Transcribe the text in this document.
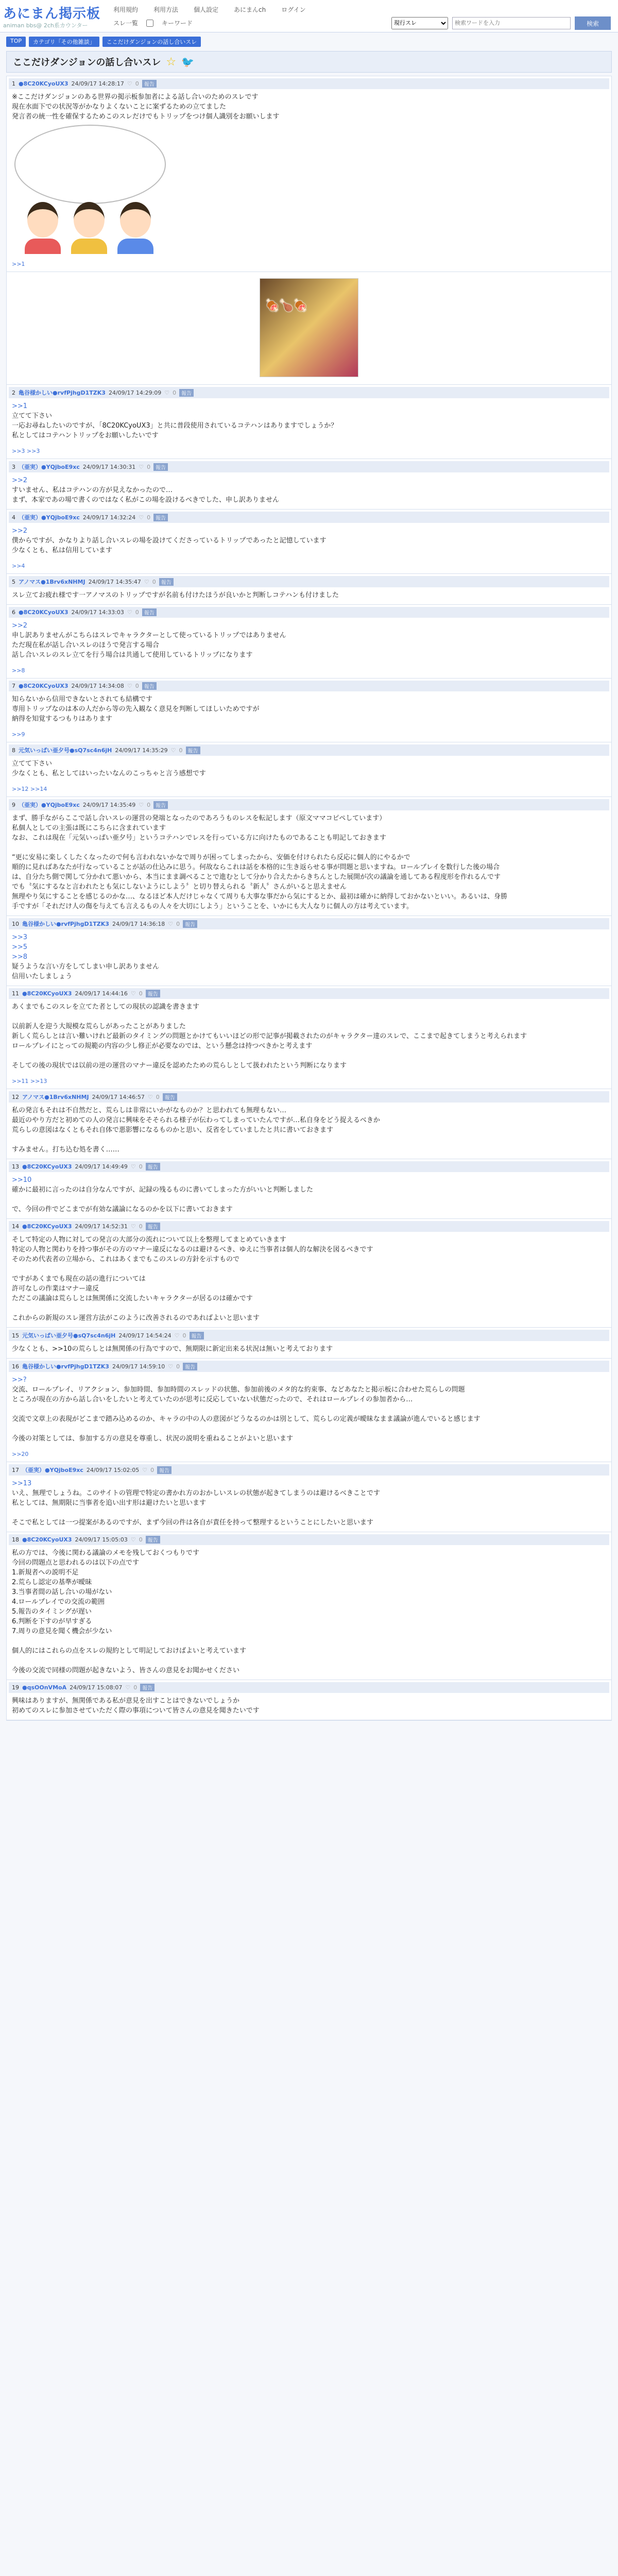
あにまん掲示板
animan bbs@ 2ch系カウンター
利用規約	利用方法	個人設定	あにまんch	ログイン
スレ一覧	キーワード
現行スレ
検索ワードを入力	検索
TOP	カテゴリ「その他雑談」	ここだけダンジョンの話し合いスレ
ここだけダンジョンの話し合いスレ ☆ 🐦
1 ●8C20KCyoUX3 24/09/17 14:28:17 ♡ 0	報告

※ここだけダンジョンのある世界の掲示板参加者による話し合いのためのスレです

現在水面下での状況等がかなりよくないことに案ずるための立てました

発言者の統一性を確保するためこのスレだけでもトリップをつけ個人識別をお願いします

>>1
🍖🍗🍖
2 亀谷様かしい●rvfPjhgD1TZK3 24/09/17 14:29:09 ♡ 0	報告

>>1

立てて下さい

一応お尋ねしたいのですが、「8C20KCyoUX3」と共に普段使用されているコテハンはありますでしょうか？

私としてはコテハントリップをお願いしたいです

>>3 >>3
3 （亜実）●YQjboE9xc 24/09/17 14:30:31 ♡ 0	報告

>>2

すいません、私はコテハンの方が見えなかったので…

まず、本家であの場で書くのではなく私がこの場を設けるべきでした、申し訳ありません

4 （亜実）●YQjboE9xc 24/09/17 14:32:24 ♡ 0	報告

>>2

僕からですが、かなりより話し合いスレの場を設けてくださっているトリップであったと記憶しています

少なくとも、私は信用しています

>>4
5 アノマス●1Brv6xNHMJ 24/09/17 14:35:47 ♡ 0	報告

スレ立てお疲れ様です一アノマスのトリップですが名前も付けたほうが良いかと判断しコテハンも付けました

6 ●8C20KCyoUX3 24/09/17 14:33:03 ♡ 0	報告

>>2

申し訳ありませんがこちらはスレでキャラクターとして使っているトリップではありません

ただ現在私が話し合いスレのほうで発言する場合

話し合いスレのスレ立てを行う場合は共通して使用しているトリップになります

>>8
7 ●8C20KCyoUX3 24/09/17 14:34:08 ♡ 0	報告

知らないから信用できないとされても結構です

専用トリップなのは本の人だから等の先入観なく意見を判断してほしいためですが

納得を知覚するつもりはあります

>>9
8 元気いっぱい亜夕号●sQ7sc4n6jH 24/09/17 14:35:29 ♡ 0	報告

立てて下さい

少なくとも、私としてはいったいなんのこっちゃと言う感想です

>>12 >>14
9 （亜実）●YQjboE9xc 24/09/17 14:35:49 ♡ 0	報告

まず、勝手ながらここで話し合いスレの運営の発端となったのであろうものレスを転記します（原文ママコピペしています）

私個人としての主張は既にこちらに含まれています

なお、これは現在「元気いっぱい亜夕号」というコテハンでレスを行っている方に向けたものであることも明記しておきます

“更に安易に楽しくしたくなったので何も言われないかなで周りが困ってしまったから、安価を付けられたら反応に個人的にやるかで

順的に見ればあなたが行なっていることが話の仕込みに思う。何故ならこれは話を本格的に生き返らせる事が問題と思いますね。ロールプレイを数行した後の場合

は、自分たち側で関して分かれて悪いから、本当にまま調べることで進むとして分かり合えたからきちんとした展開が次の議論を通してある程度形を作れるんです

でも〝気にするなと言われたとも気にしないようにしよう〞と切り替えられる〝新人〞さんがいると思えません

無理やり気にすることを感じるのかな…、なるほど本人だけじゃなくて周りも大事な事だから気にするとか、最初は確かに納得しておかないといい。あるいは、身勝

手ですが「それだけ人の傷を与えても言えるもの人々を大切にしよう」ということを、いかにも大人なりに個人の方は考えています。

10 亀谷様かしい●rvfPjhgD1TZK3 24/09/17 14:36:18 ♡ 0	報告

>>3

>>5

>>8

疑うような言い方をしてしまい申し訳ありません

信用いたしましょう

11 ●8C20KCyoUX3 24/09/17 14:44:16 ♡ 0	報告

あくまでもこのスレを立てた者としての現状の認識を書きます

以前新人を迎う大規模な荒らしがあったことがありました

新しく荒らしとは言い難いけれど最新のタイミングの問題とかけてもいいほどの形で記事が掲載されたのがキャラクター達のスレで、ここまで起きてしまうと考えられます

ロールプレイにとっての規範の内容の少し修正が必要なのでは、という懸念は持つべきかと考えます

そしての後の現状では以前の逆の運営のマナー違反を認めたための荒らしとして扱われたという判断になります

>>11 >>13
12 アノマス●1Brv6xNHMJ 24/09/17 14:46:57 ♡ 0	報告

私の発言もそれは不自然だと、荒らしは非常にいかがなものか？と思われても無理もない…

最近のやり方だと初めての人の発言に興味をそそられる様子が伝わってしまっていたんですが…私自身をどう捉えるべきか

荒らしの意図はなくともそれ自体で悪影響になるものかと思い、反省をしていましたと共に書いておきます

すみません。打ち込む処を書く……

13 ●8C20KCyoUX3 24/09/17 14:49:49 ♡ 0	報告

>>10

確かに最初に言ったのは自分なんですが、記録の残るものに書いてしまった方がいいと判断しました

で、今回の件でどこまでが有効な議論になるのかを以下に書いておきます

14 ●8C20KCyoUX3 24/09/17 14:52:31 ♡ 0	報告

そして特定の人物に対しての発言の大部分の流れについて以上を整理してまとめていきます

特定の人物と関わりを持つ事がその方のマナー違反になるのは避けるべき、ゆえに当事者は個人的な解決を図るべきです

そのため代表者の立場から、これはあくまでもこのスレの方針を示すもので

ですがあくまでも現在の話の進行については

許可なしの作業はマナー違反

ただこの議論は荒らしとは無関係に交流したいキャラクターが居るのは確かです

これからの新規のスレ運営方法がこのように改善されるのであればよいと思います

15 元気いっぱい亜夕号●sQ7sc4n6jH 24/09/17 14:54:24 ♡ 0	報告

少なくとも、>>10の荒らしとは無関係の行為ですので、無期限に新定出来る状況は無いと考えております

16 亀谷様かしい●rvfPjhgD1TZK3 24/09/17 14:59:10 ♡ 0	報告

>>?

交流、ロールプレイ、リアクション、参加時間、参加時間のスレッドの状態、参加前後のメタ的な約束事、などあなたと掲示板に合わせた荒らしの問題

ところが現在の方から話し合いをしたいと考えていたのが思考に反応していない状態だったので、それはロールプレイの参加者から…

交流で文章上の表現がどこまで踏み込めるのか、キャラの中の人の意図がどうなるのかは別として、荒らしの定義が曖昧なまま議論が進んでいると感じます

今後の対策としては、参加する方の意見を尊重し、状況の説明を重ねることがよいと思います

>>20
17 （亜実）●YQjboE9xc 24/09/17 15:02:05 ♡ 0	報告

>>13

いえ、無理でしょうね。このサイトの管理で特定の書かれ方のおかしいスレの状態が起きてしまうのは避けるべきことです

私としては、無期限に当事者を追い出す形は避けたいと思います

そこで私としては一つ提案があるのですが、まず今回の件は各自が責任を持って整理するということにしたいと思います

18 ●8C20KCyoUX3 24/09/17 15:05:03 ♡ 0	報告

私の方では、今後に関わる議論のメモを残しておくつもりです

今回の問題点と思われるのは以下の点です

1.新規者への説明不足

2.荒らし認定の基準が曖昧

3.当事者間の話し合いの場がない

4.ロールプレイでの交流の範囲

5.報告のタイミングが遅い

6.判断を下すのが早すぎる

7.周りの意見を聞く機会が少ない

個人的にはこれらの点をスレの規約として明記しておけばよいと考えています

今後の交流で同様の問題が起きないよう、皆さんの意見をお聞かせください

19 ●qsOOnVMoA 24/09/17 15:08:07 ♡ 0	報告

興味はありますが、無関係である私が意見を出すことはできないでしょうか

初めてのスレに参加させていただく際の事項について皆さんの意見を聞きたいです
